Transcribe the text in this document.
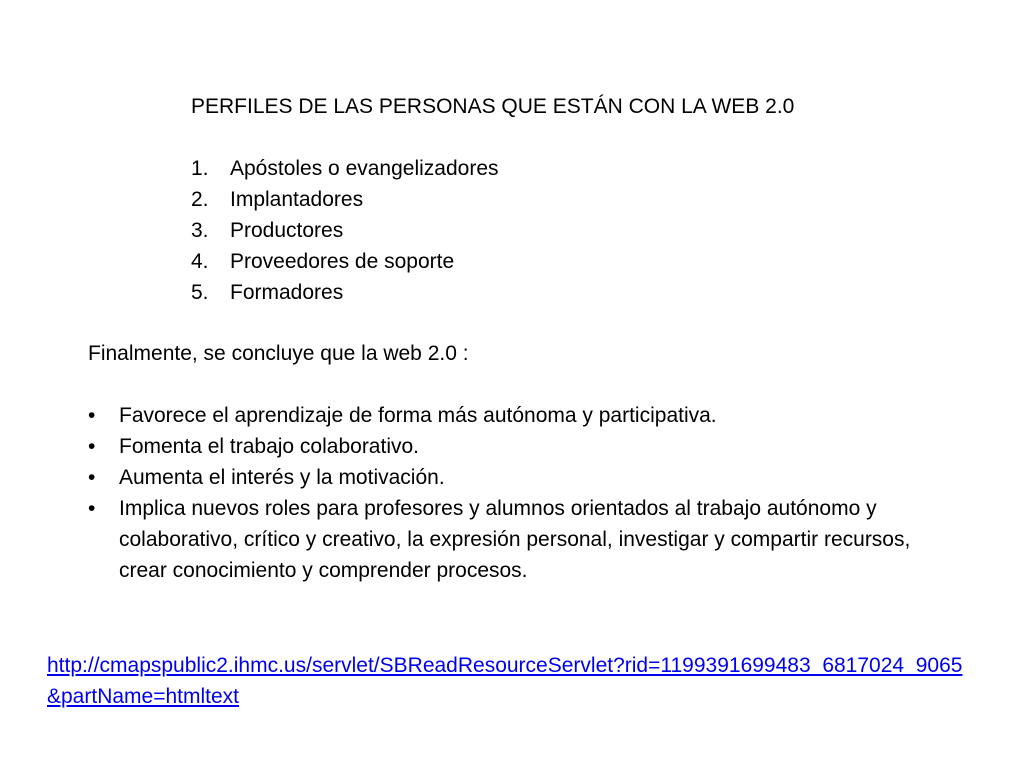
PERFILES DE LAS PERSONAS QUE ESTÁN CON LA WEB 2.0
1.	Apóstoles o evangelizadores
2.	Implantadores
3.	Productores
4.	Proveedores de soporte
5.	Formadores
Finalmente, se concluye que la web 2.0 :
•	Favorece el aprendizaje de forma más autónoma y participativa.
•	Fomenta el trabajo colaborativo.
•	Aumenta el interés y la motivación.
•	Implica nuevos roles para profesores y alumnos orientados al trabajo autónomo y colaborativo, crítico y creativo, la expresión personal, investigar y compartir recursos, crear conocimiento y comprender procesos.
http://cmapspublic2.ihmc.us/servlet/SBReadResourceServlet?rid=1199391699483_6817024_9065&partName=htmltext
